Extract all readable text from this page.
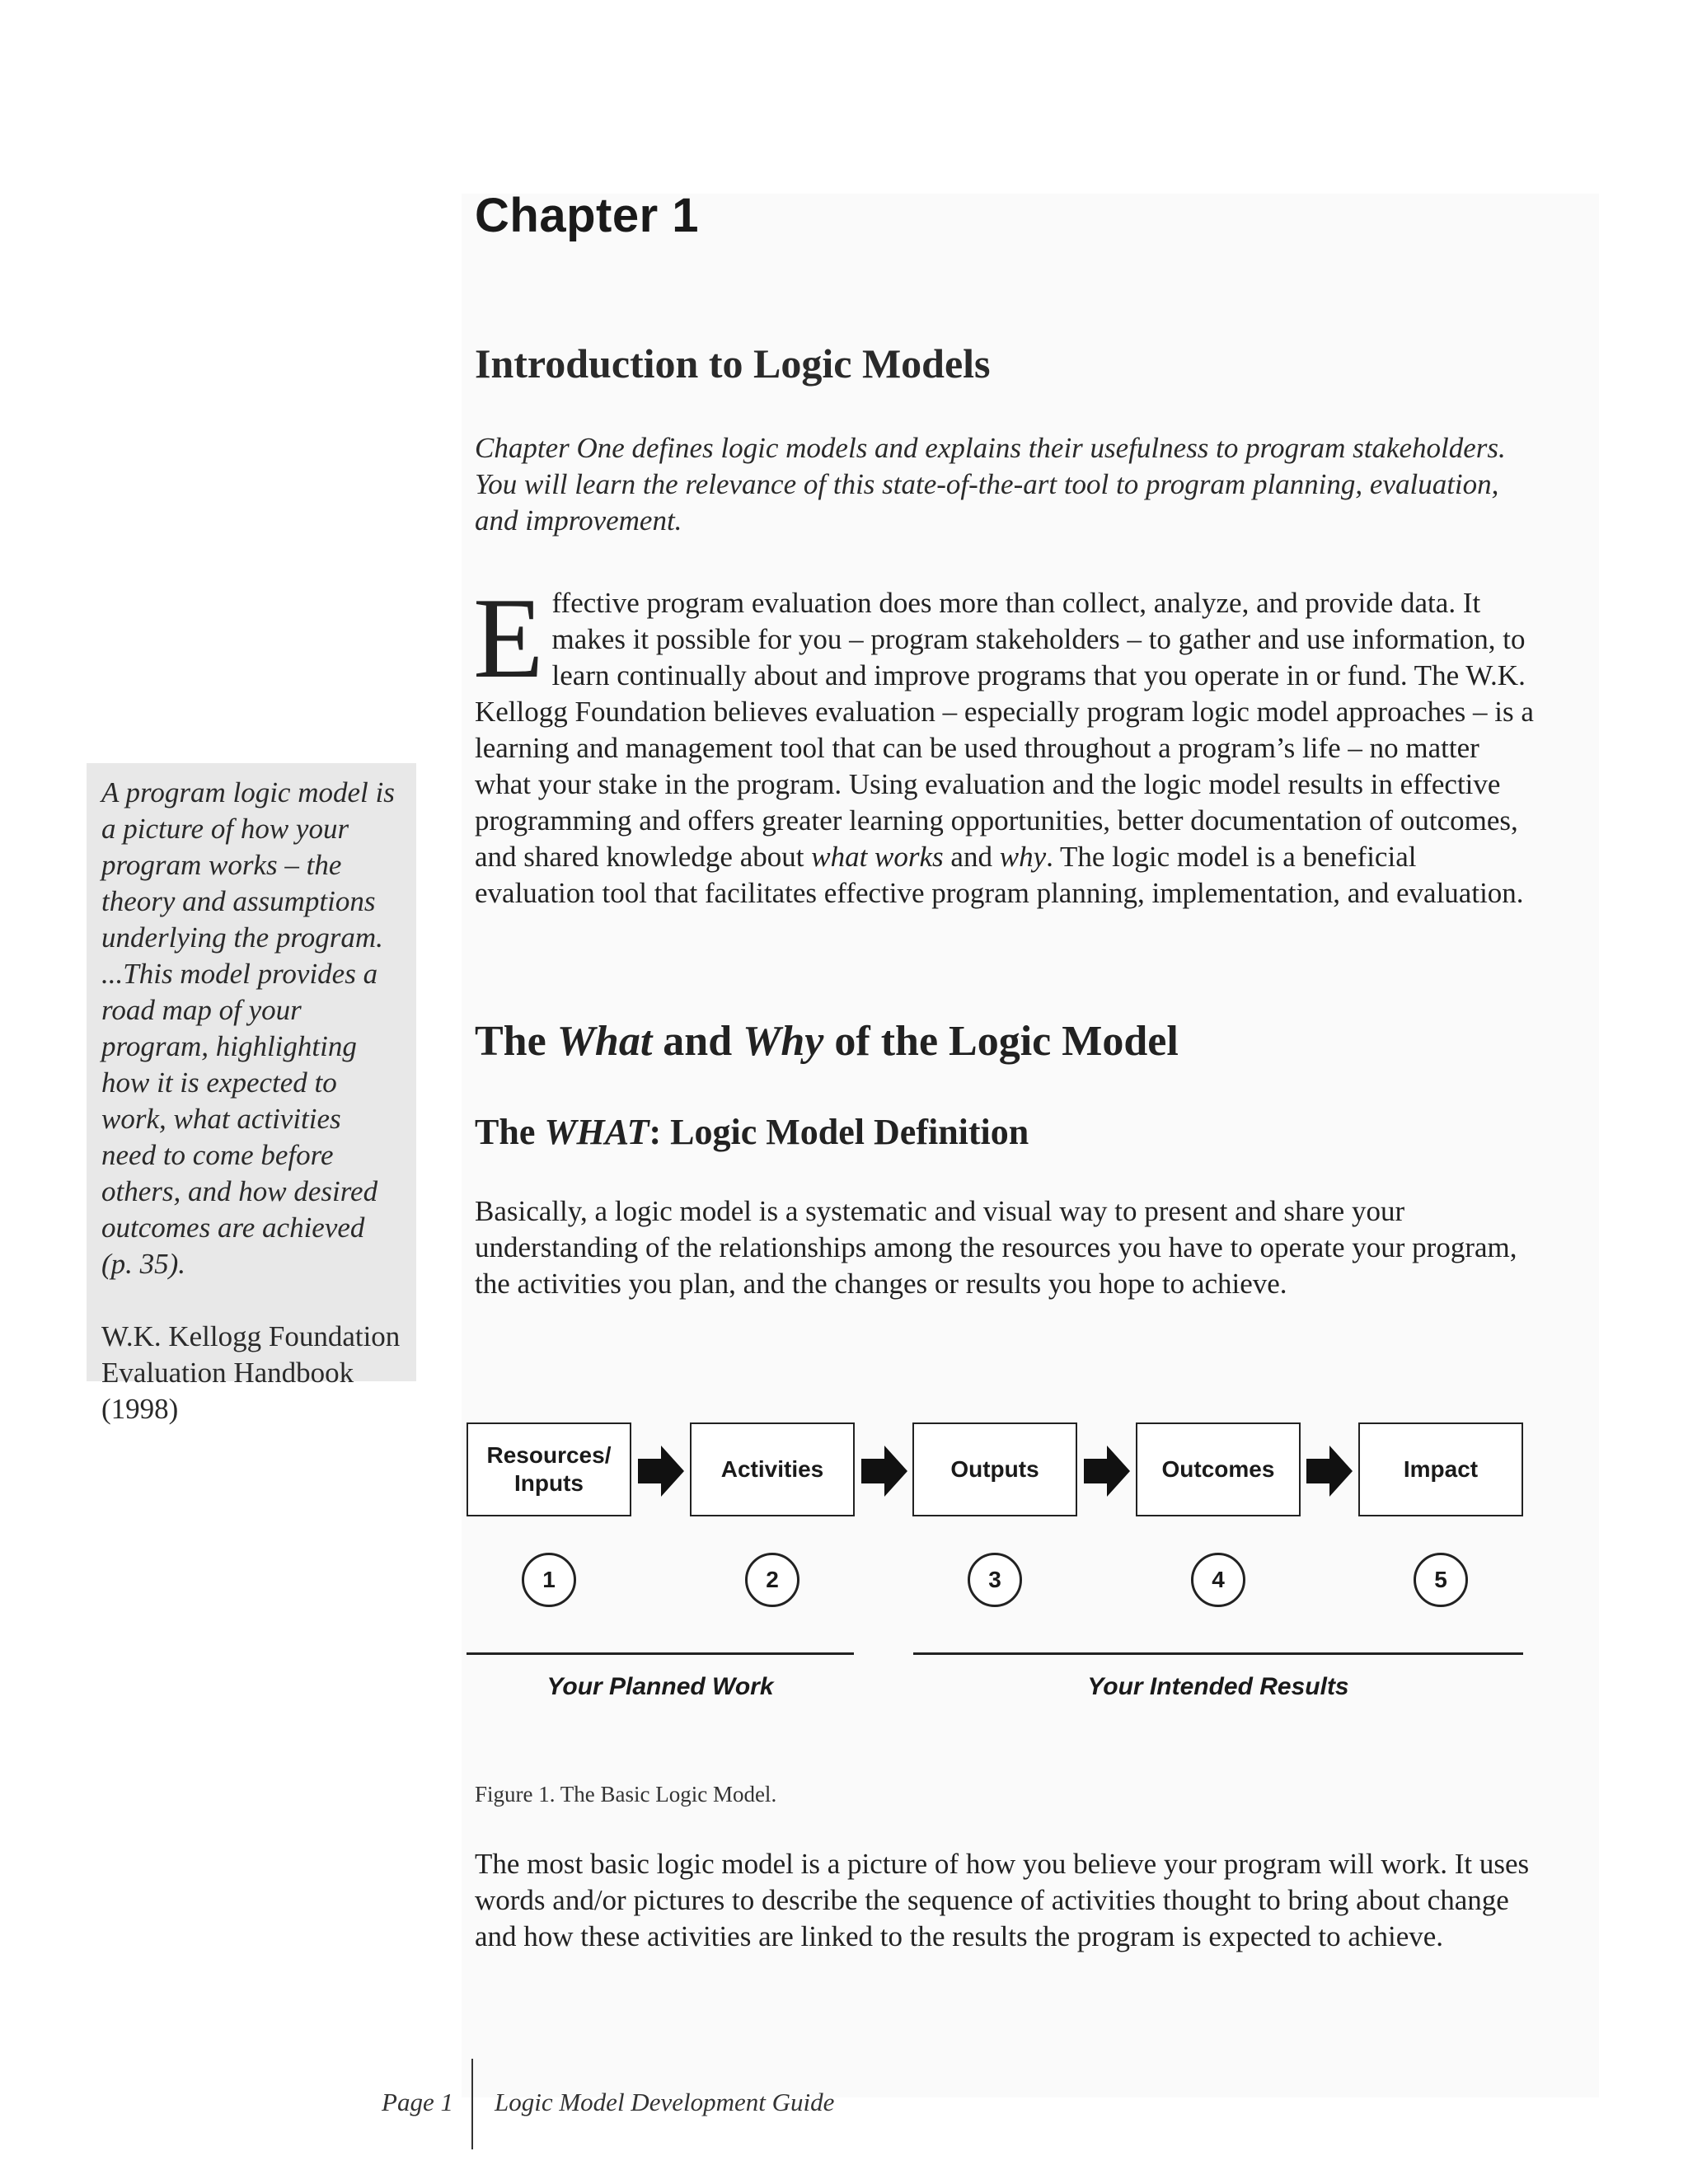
Chapter 1
Introduction to Logic Models

Chapter One defines logic models and explains their usefulness to program stakeholders. You will learn the relevance of this state-of-the-art tool to program planning, evaluation, and improvement.

Effective program evaluation does more than collect, analyze, and provide data. It makes it possible for you – program stakeholders – to gather and use information, to learn continually about and improve programs that you operate in or fund. The W.K. Kellogg Foundation believes evaluation – especially program logic model approaches – is a learning and management tool that can be used throughout a program’s life – no matter what your stake in the program. Using evaluation and the logic model results in effective programming and offers greater learning opportunities, better documentation of outcomes, and shared knowledge about what works and why. The logic model is a beneficial evaluation tool that facilitates effective program planning, implementation, and evaluation.

A program logic model is a picture of how your program works – the theory and assumptions underlying the program. ...This model provides a road map of your program, highlighting how it is expected to work, what activities need to come before others, and how desired outcomes are achieved (p. 35).

W.K. Kellogg Foundation Evaluation Handbook (1998)

The What and Why of the Logic Model
The WHAT: Logic Model Definition

Basically, a logic model is a systematic and visual way to present and share your understanding of the relationships among the resources you have to operate your program, the activities you plan, and the changes or results you hope to achieve.

Resources/
Inputs
Activities	Outputs	Outcomes	Impact
1	2	3	4	5
Your Planned Work	Your Intended Results

Figure 1. The Basic Logic Model.

The most basic logic model is a picture of how you believe your program will work. It uses words and/or pictures to describe the sequence of activities thought to bring about change and how these activities are linked to the results the program is expected to achieve.

Page 1 Logic Model Development Guide
